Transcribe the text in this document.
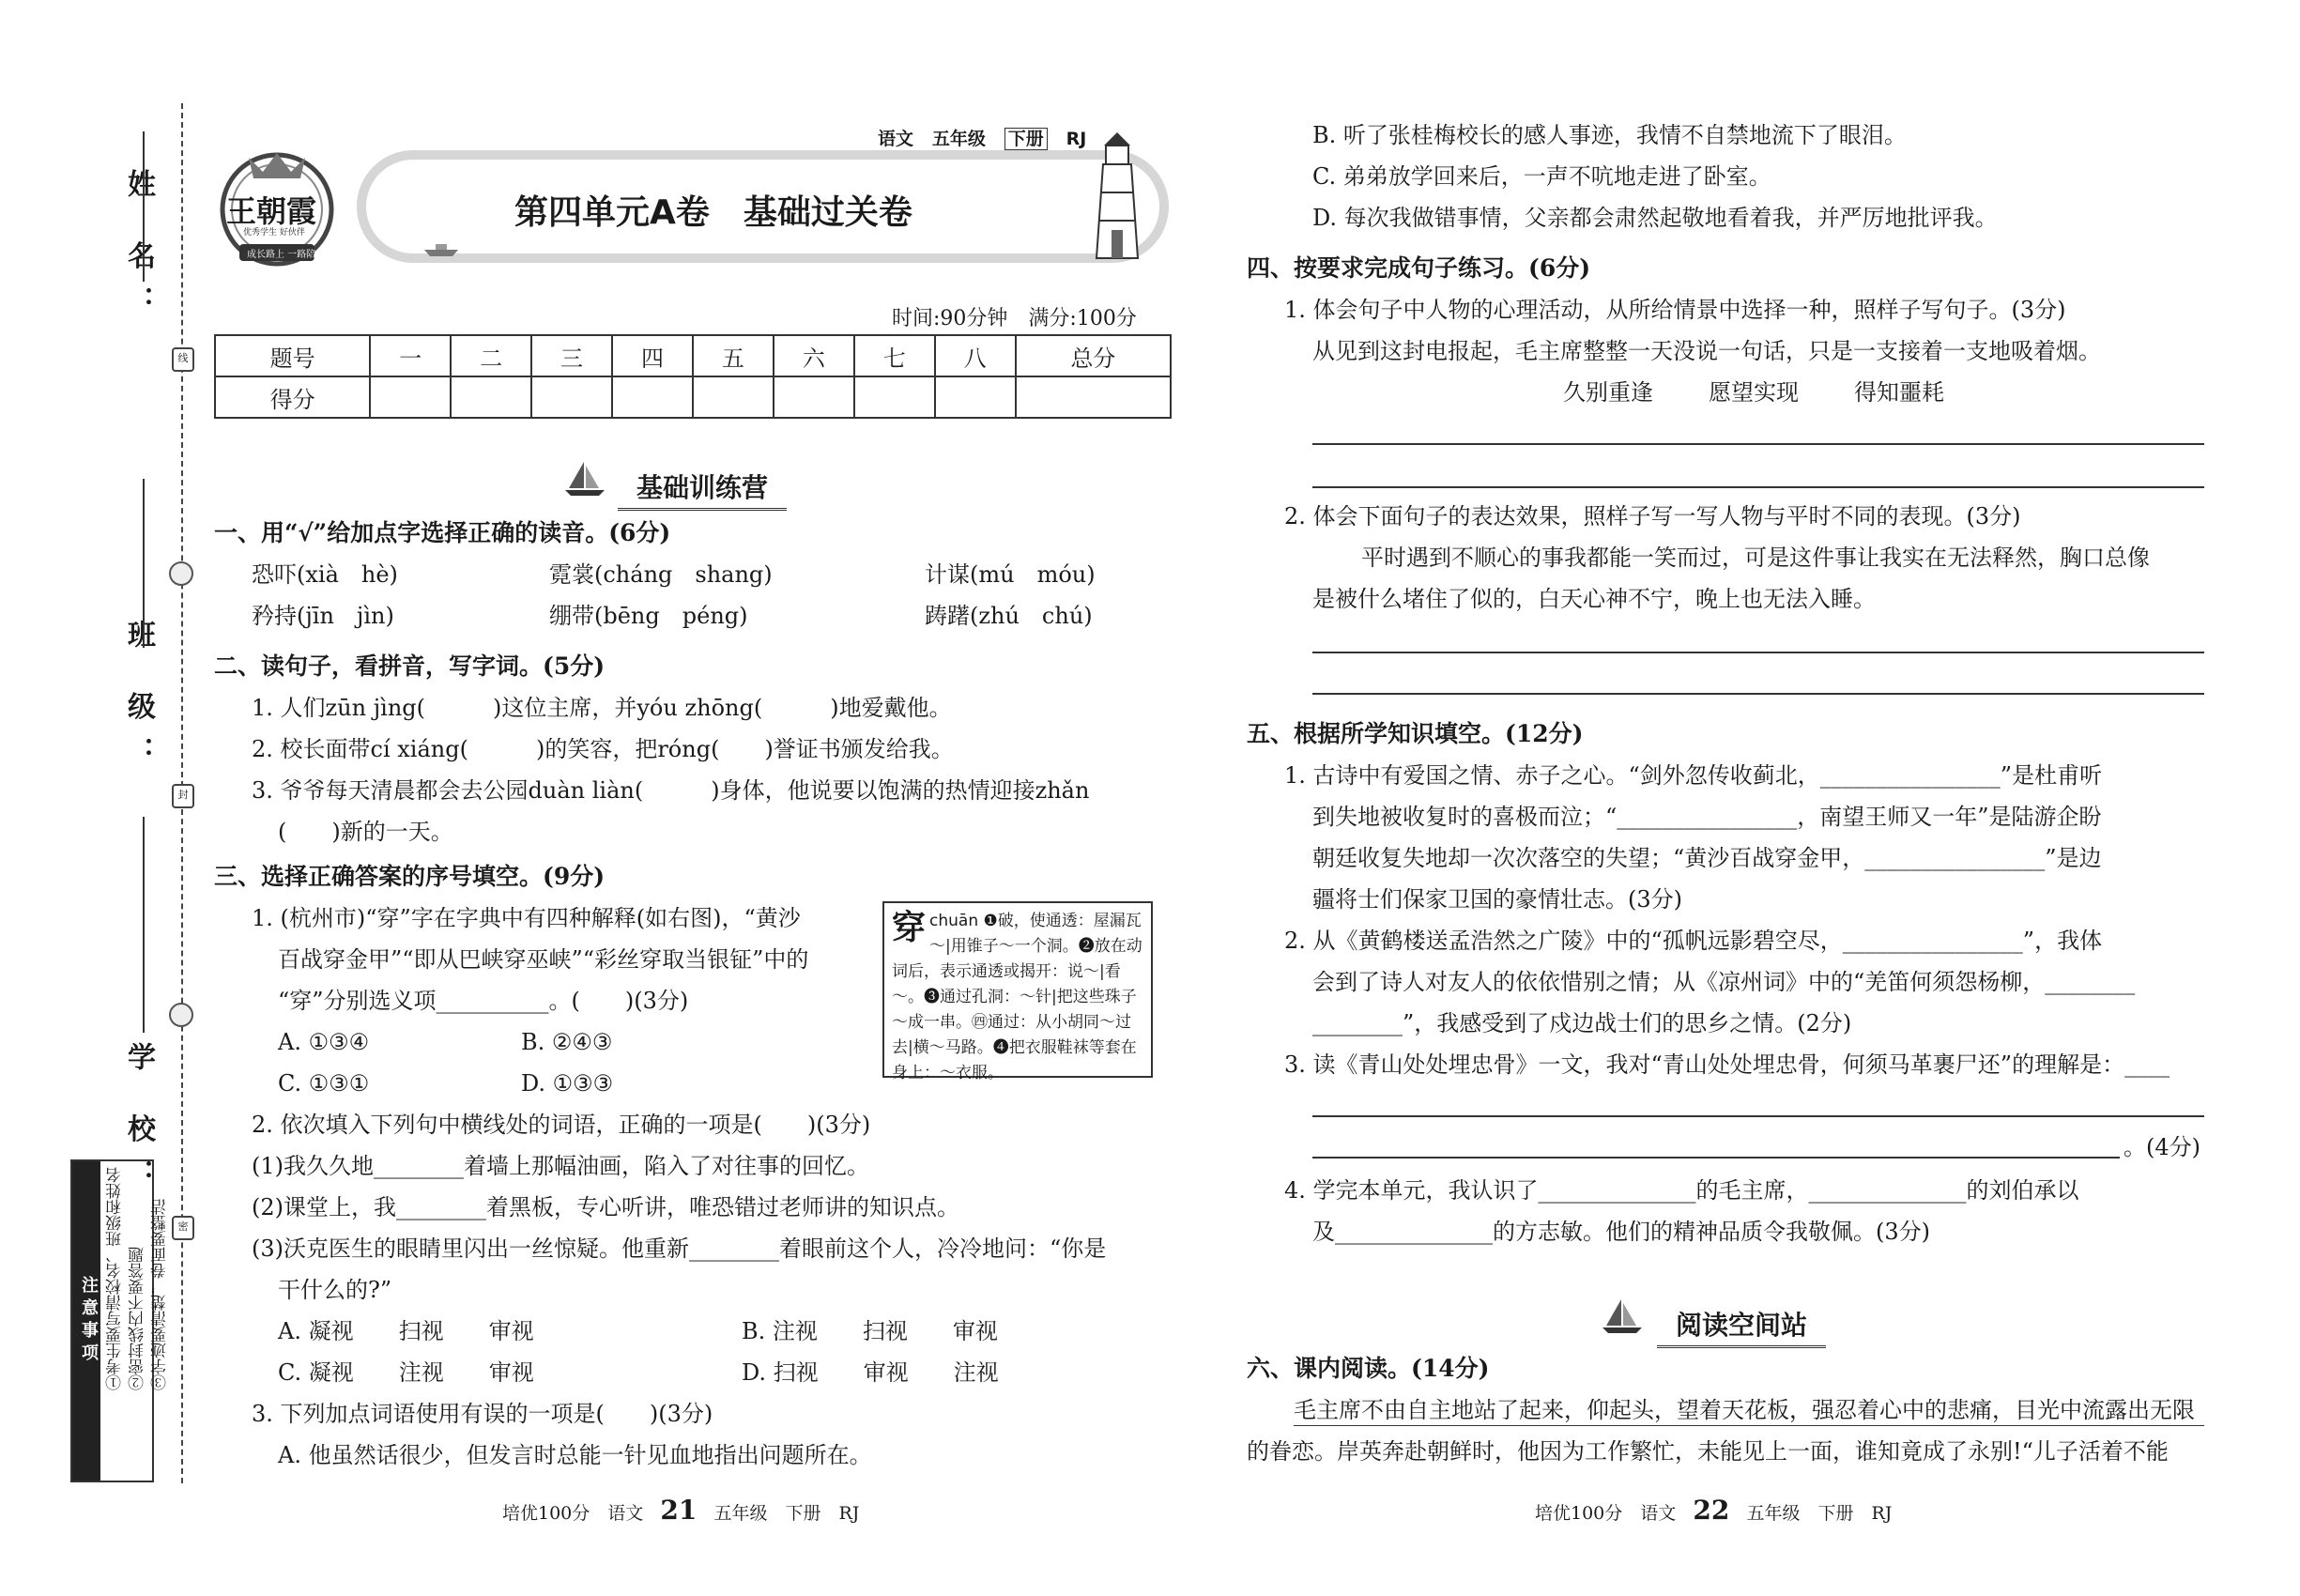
姓 名：
班 级：
学 校：
线
封
密
注意事项 ①考生要写清校名、班级和姓名 ②密封线内不要答题 ③字迹要清楚，卷面要整洁
王朝霞
优秀学生 好伙伴
成长路上 一路陪伴
语文 五年级 下册 RJ
第四单元A卷　基础过关卷
时间:90分钟　满分:100分
题号	一	二	三	四	五	六	七	八	总分
得分									
基础训练营
一、用“√”给加点字选择正确的读音。(6分)
恐吓(xià　hè)	霓裳(cháng　shang)	计谋(mú　móu)
矜持(jīn　jìn)	绷带(bēng　péng)	踌躇(zhú　chú)
二、读句子，看拼音，写字词。(5分)
1. 人们zūn jìng(　　　)这位主席，并yóu zhōng(　　　)地爱戴他。
2. 校长面带cí xiáng(　　　)的笑容，把róng(　　)誉证书颁发给我。
3. 爷爷每天清晨都会去公园duàn liàn(　　　)身体，他说要以饱满的热情迎接zhǎn
(　　)新的一天。
三、选择正确答案的序号填空。(9分)
1. (杭州市)“穿”字在字典中有四种解释(如右图)，“黄沙
百战穿金甲”“即从巴峡穿巫峡”“彩丝穿取当银钲”中的
“穿”分别选义项__________。(　　)(3分)
A. ①③④	B. ②④③
C. ①③①	D. ①③③
穿 chuān ❶破，使通透：屋漏瓦～|用锥子～一个洞。❷放在动词后，表示通透或揭开：说～|看～。❸通过孔洞：～针|把这些珠子～成一串。㊃通过：从小胡同～过去|横～马路。❹把衣服鞋袜等套在身上：～衣服。
2. 依次填入下列句中横线处的词语，正确的一项是(　　)(3分)
(1)我久久地________着墙上那幅油画，陷入了对往事的回忆。
(2)课堂上，我________着黑板，专心听讲，唯恐错过老师讲的知识点。
(3)沃克医生的眼睛里闪出一丝惊疑。他重新________着眼前这个人，冷冷地问：“你是
干什么的?”
A. 凝视　　扫视　　审视	B. 注视　　扫视　　审视
C. 凝视　　注视　　审视	D. 扫视　　审视　　注视
3. 下列加点词语使用有误的一项是(　　)(3分)
A. 他虽然话很少，但发言时总能一针见血地指出问题所在。
培优100分　语文 21 五年级　下册　RJ
B. 听了张桂梅校长的感人事迹，我情不自禁地流下了眼泪。
C. 弟弟放学回来后，一声不吭地走进了卧室。
D. 每次我做错事情，父亲都会肃然起敬地看着我，并严厉地批评我。
四、按要求完成句子练习。(6分)
1. 体会句子中人物的心理活动，从所给情景中选择一种，照样子写句子。(3分)
从见到这封电报起，毛主席整整一天没说一句话，只是一支接着一支地吸着烟。
久别重逢 愿望实现 得知噩耗
2. 体会下面句子的表达效果，照样子写一写人物与平时不同的表现。(3分)
平时遇到不顺心的事我都能一笑而过，可是这件事让我实在无法释然，胸口总像
是被什么堵住了似的，白天心神不宁，晚上也无法入睡。
五、根据所学知识填空。(12分)
1. 古诗中有爱国之情、赤子之心。“剑外忽传收蓟北，________________”是杜甫听
到失地被收复时的喜极而泣；“________________，南望王师又一年”是陆游企盼
朝廷收复失地却一次次落空的失望；“黄沙百战穿金甲，________________”是边
疆将士们保家卫国的豪情壮志。(3分)
2. 从《黄鹤楼送孟浩然之广陵》中的“孤帆远影碧空尽，________________”，我体
会到了诗人对友人的依依惜别之情；从《凉州词》中的“羌笛何须怨杨柳，________
________”，我感受到了戍边战士们的思乡之情。(2分)
3. 读《青山处处埋忠骨》一文，我对“青山处处埋忠骨，何须马革裹尸还”的理解是：____
。(4分)
4. 学完本单元，我认识了______________的毛主席，______________的刘伯承以
及______________的方志敏。他们的精神品质令我敬佩。(3分)
阅读空间站
六、课内阅读。(14分)
毛主席不由自主地站了起来，仰起头，望着天花板，强忍着心中的悲痛，目光中流露出无限
的眷恋。岸英奔赴朝鲜时，他因为工作繁忙，未能见上一面，谁知竟成了永别!“儿子活着不能
培优100分　语文 22 五年级　下册　RJ
